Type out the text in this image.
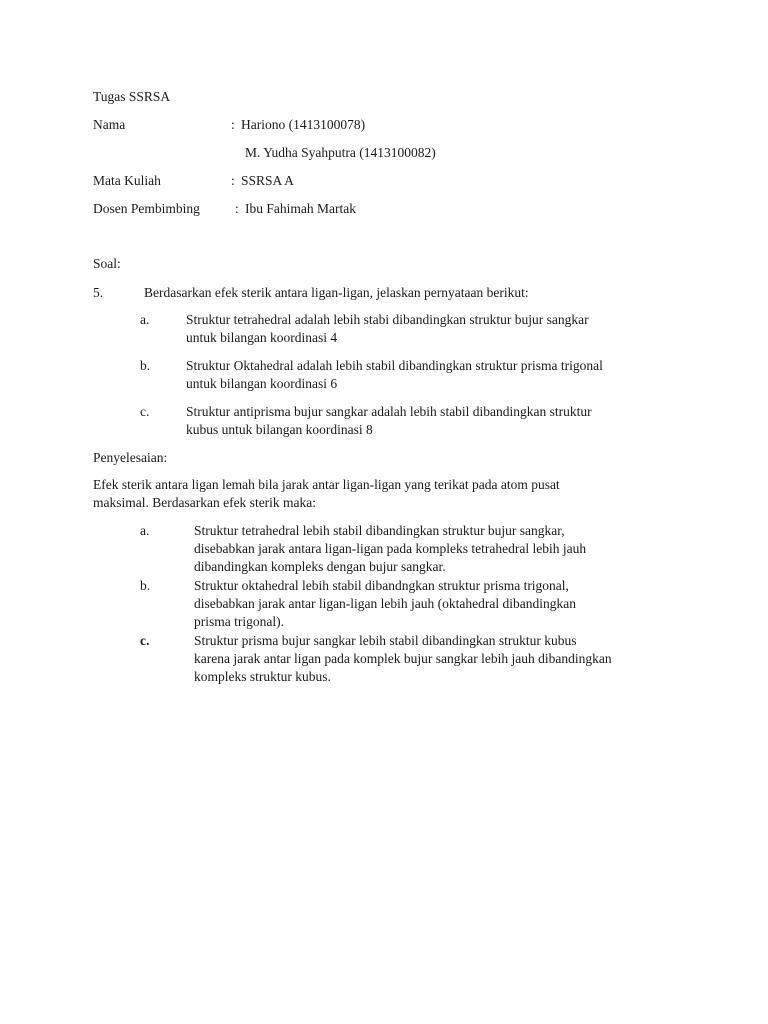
Tugas SSRSA
Nama	: Hariono (1413100078)
M. Yudha Syahputra (1413100082)
Mata Kuliah	: SSRSA A
Dosen Pembimbing	: Ibu Fahimah Martak
Soal:
5.	Berdasarkan efek sterik antara ligan-ligan, jelaskan pernyataan berikut:
a.	Struktur tetrahedral adalah lebih stabi dibandingkan struktur bujur sangkar
untuk bilangan koordinasi 4
b.	Struktur Oktahedral adalah lebih stabil dibandingkan struktur prisma trigonal
untuk bilangan koordinasi 6
c.	Struktur antiprisma bujur sangkar adalah lebih stabil dibandingkan struktur
kubus untuk bilangan koordinasi 8
Penyelesaian:
Efek sterik antara ligan lemah bila jarak antar ligan-ligan yang terikat pada atom pusat
maksimal. Berdasarkan efek sterik maka:
a.	Struktur tetrahedral lebih stabil dibandingkan struktur bujur sangkar,
disebabkan jarak antara ligan-ligan pada kompleks tetrahedral lebih jauh
dibandingkan kompleks dengan bujur sangkar.
b.	Struktur oktahedral lebih stabil dibandngkan struktur prisma trigonal,
disebabkan jarak antar ligan-ligan lebih jauh (oktahedral dibandingkan
prisma trigonal).
c.	Struktur prisma bujur sangkar lebih stabil dibandingkan struktur kubus
karena jarak antar ligan pada komplek bujur sangkar lebih jauh dibandingkan
kompleks struktur kubus.
